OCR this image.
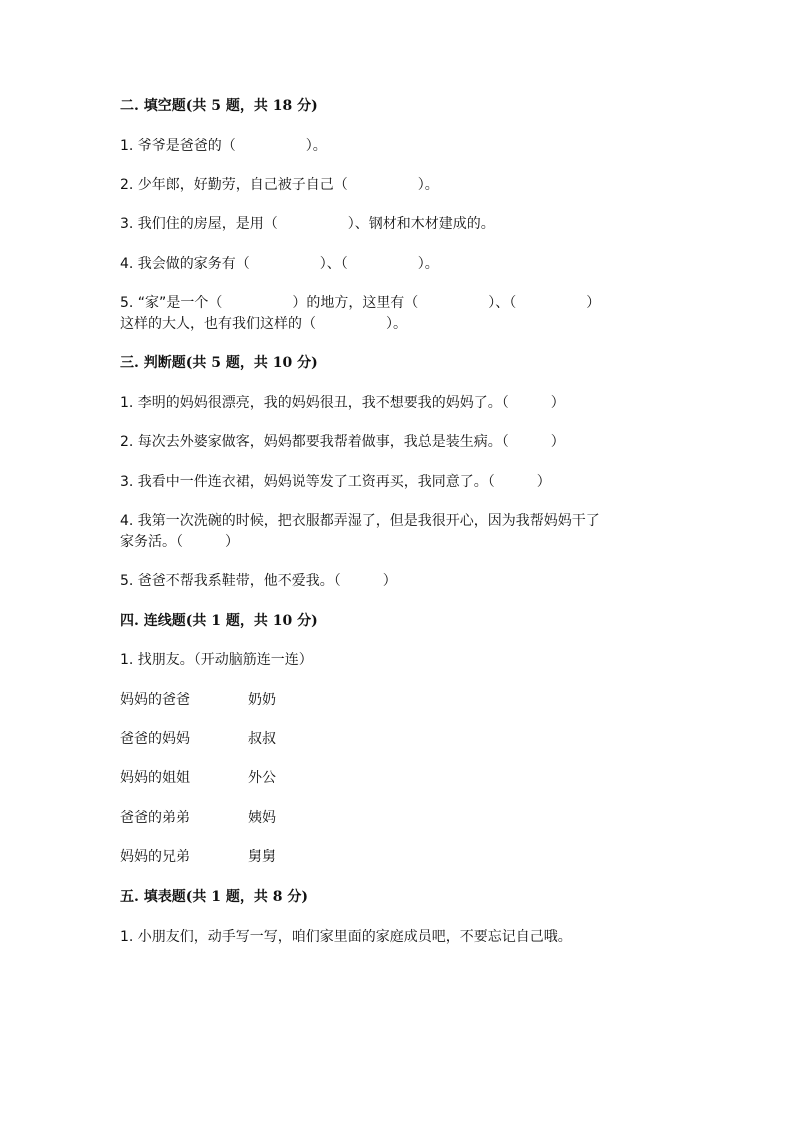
二. 填空题(共 5 题，共 18 分)
1. 爷爷是爸爸的（　　　　　）。
2. 少年郎，好勤劳，自己被子自己（　　　　　）。
3. 我们住的房屋，是用（　　　　　）、钢材和木材建成的。
4. 我会做的家务有（　　　　　）、（　　　　　）。
5. “家”是一个（　　　　　）的地方，这里有（　　　　　）、（　　　　　）
这样的大人，也有我们这样的（　　　　　）。
三. 判断题(共 5 题，共 10 分)
1. 李明的妈妈很漂亮，我的妈妈很丑，我不想要我的妈妈了。（　　　）
2. 每次去外婆家做客，妈妈都要我帮着做事，我总是装生病。（　　　）
3. 我看中一件连衣裙，妈妈说等发了工资再买，我同意了。（　　　）
4. 我第一次洗碗的时候，把衣服都弄湿了，但是我很开心，因为我帮妈妈干了
家务活。（　　　）
5. 爸爸不帮我系鞋带，他不爱我。（　　　）
四. 连线题(共 1 题，共 10 分)
1. 找朋友。（开动脑筋连一连）
妈妈的爸爸	奶奶
爸爸的妈妈	叔叔
妈妈的姐姐	外公
爸爸的弟弟	姨妈
妈妈的兄弟	舅舅
五. 填表题(共 1 题，共 8 分)
1. 小朋友们，动手写一写，咱们家里面的家庭成员吧，不要忘记自己哦。
